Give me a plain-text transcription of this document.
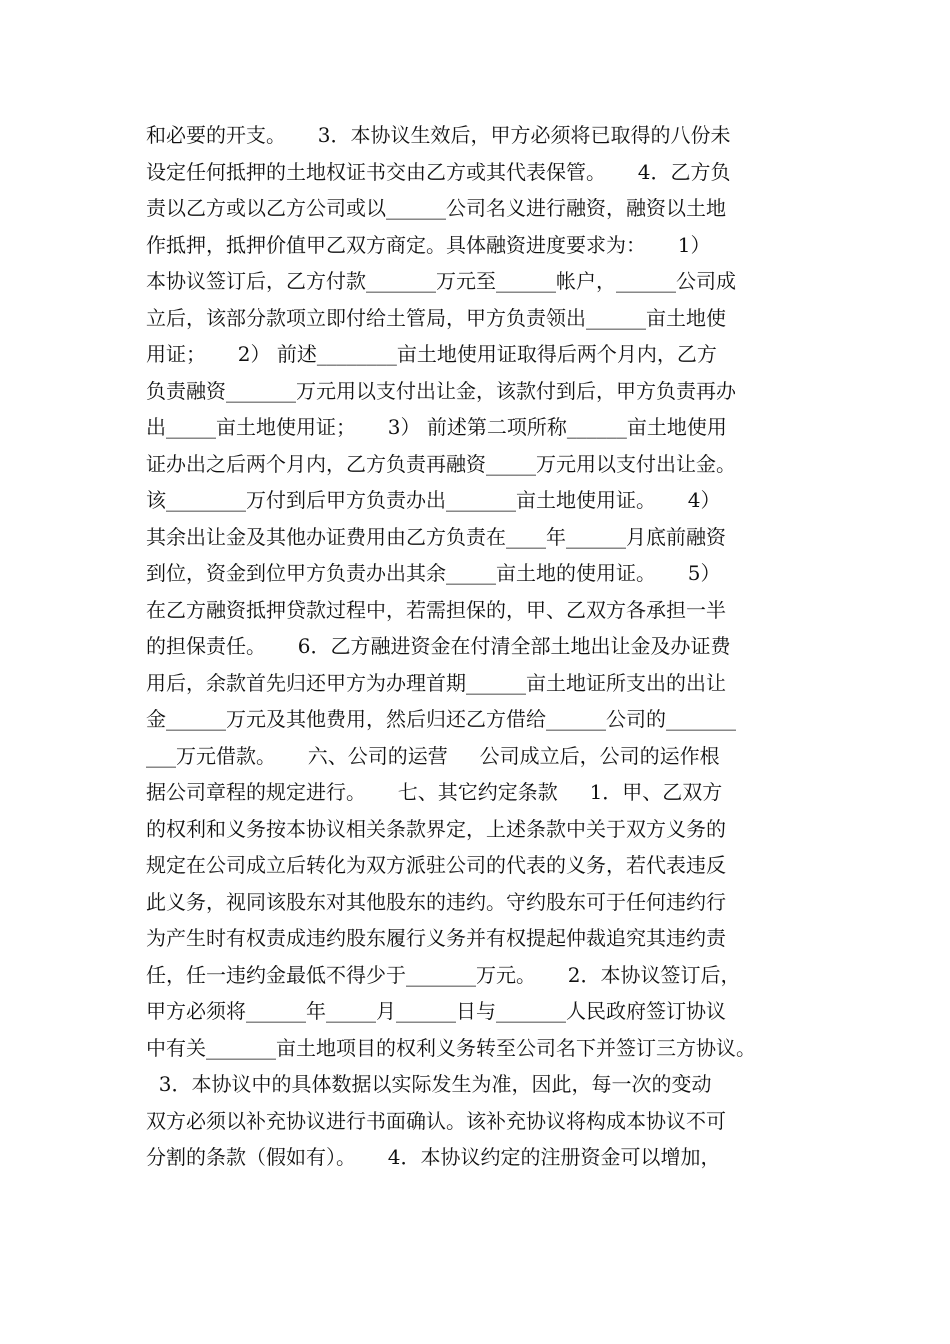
和必要的开支。     3．本协议生效后，甲方必须将已取得的八份未
设定任何抵押的土地权证书交由乙方或其代表保管。     4．乙方负
责以乙方或以乙方公司或以______公司名义进行融资，融资以土地
作抵押，抵押价值甲乙双方商定。具体融资进度要求为：     1）
本协议签订后，乙方付款_______万元至______帐户，______公司成
立后，该部分款项立即付给土管局，甲方负责领出______亩土地使
用证；     2） 前述________亩土地使用证取得后两个月内，乙方
负责融资_______万元用以支付出让金，该款付到后，甲方负责再办
出_____亩土地使用证；     3） 前述第二项所称______亩土地使用
证办出之后两个月内，乙方负责再融资_____万元用以支付出让金。
该________万付到后甲方负责办出_______亩土地使用证。     4）
其余出让金及其他办证费用由乙方负责在____年______月底前融资
到位，资金到位甲方负责办出其余_____亩土地的使用证。     5）
在乙方融资抵押贷款过程中，若需担保的，甲、乙双方各承担一半
的担保责任。     6．乙方融进资金在付清全部土地出让金及办证费
用后，余款首先归还甲方为办理首期______亩土地证所支出的出让
金______万元及其他费用，然后归还乙方借给______公司的_______
___万元借款。     六、公司的运营     公司成立后，公司的运作根
据公司章程的规定进行。     七、其它约定条款     1．甲、乙双方
的权利和义务按本协议相关条款界定，上述条款中关于双方义务的
规定在公司成立后转化为双方派驻公司的代表的义务，若代表违反
此义务，视同该股东对其他股东的违约。守约股东可于任何违约行
为产生时有权责成违约股东履行义务并有权提起仲裁追究其违约责
任，任一违约金最低不得少于_______万元。     2．本协议签订后，
甲方必须将______年_____月______日与_______人民政府签订协议
中有关_______亩土地项目的权利义务转至公司名下并签订三方协议。
3．本协议中的具体数据以实际发生为准，因此，每一次的变动
双方必须以补充协议进行书面确认。该补充协议将构成本协议不可
分割的条款（假如有）。     4．本协议约定的注册资金可以增加，
